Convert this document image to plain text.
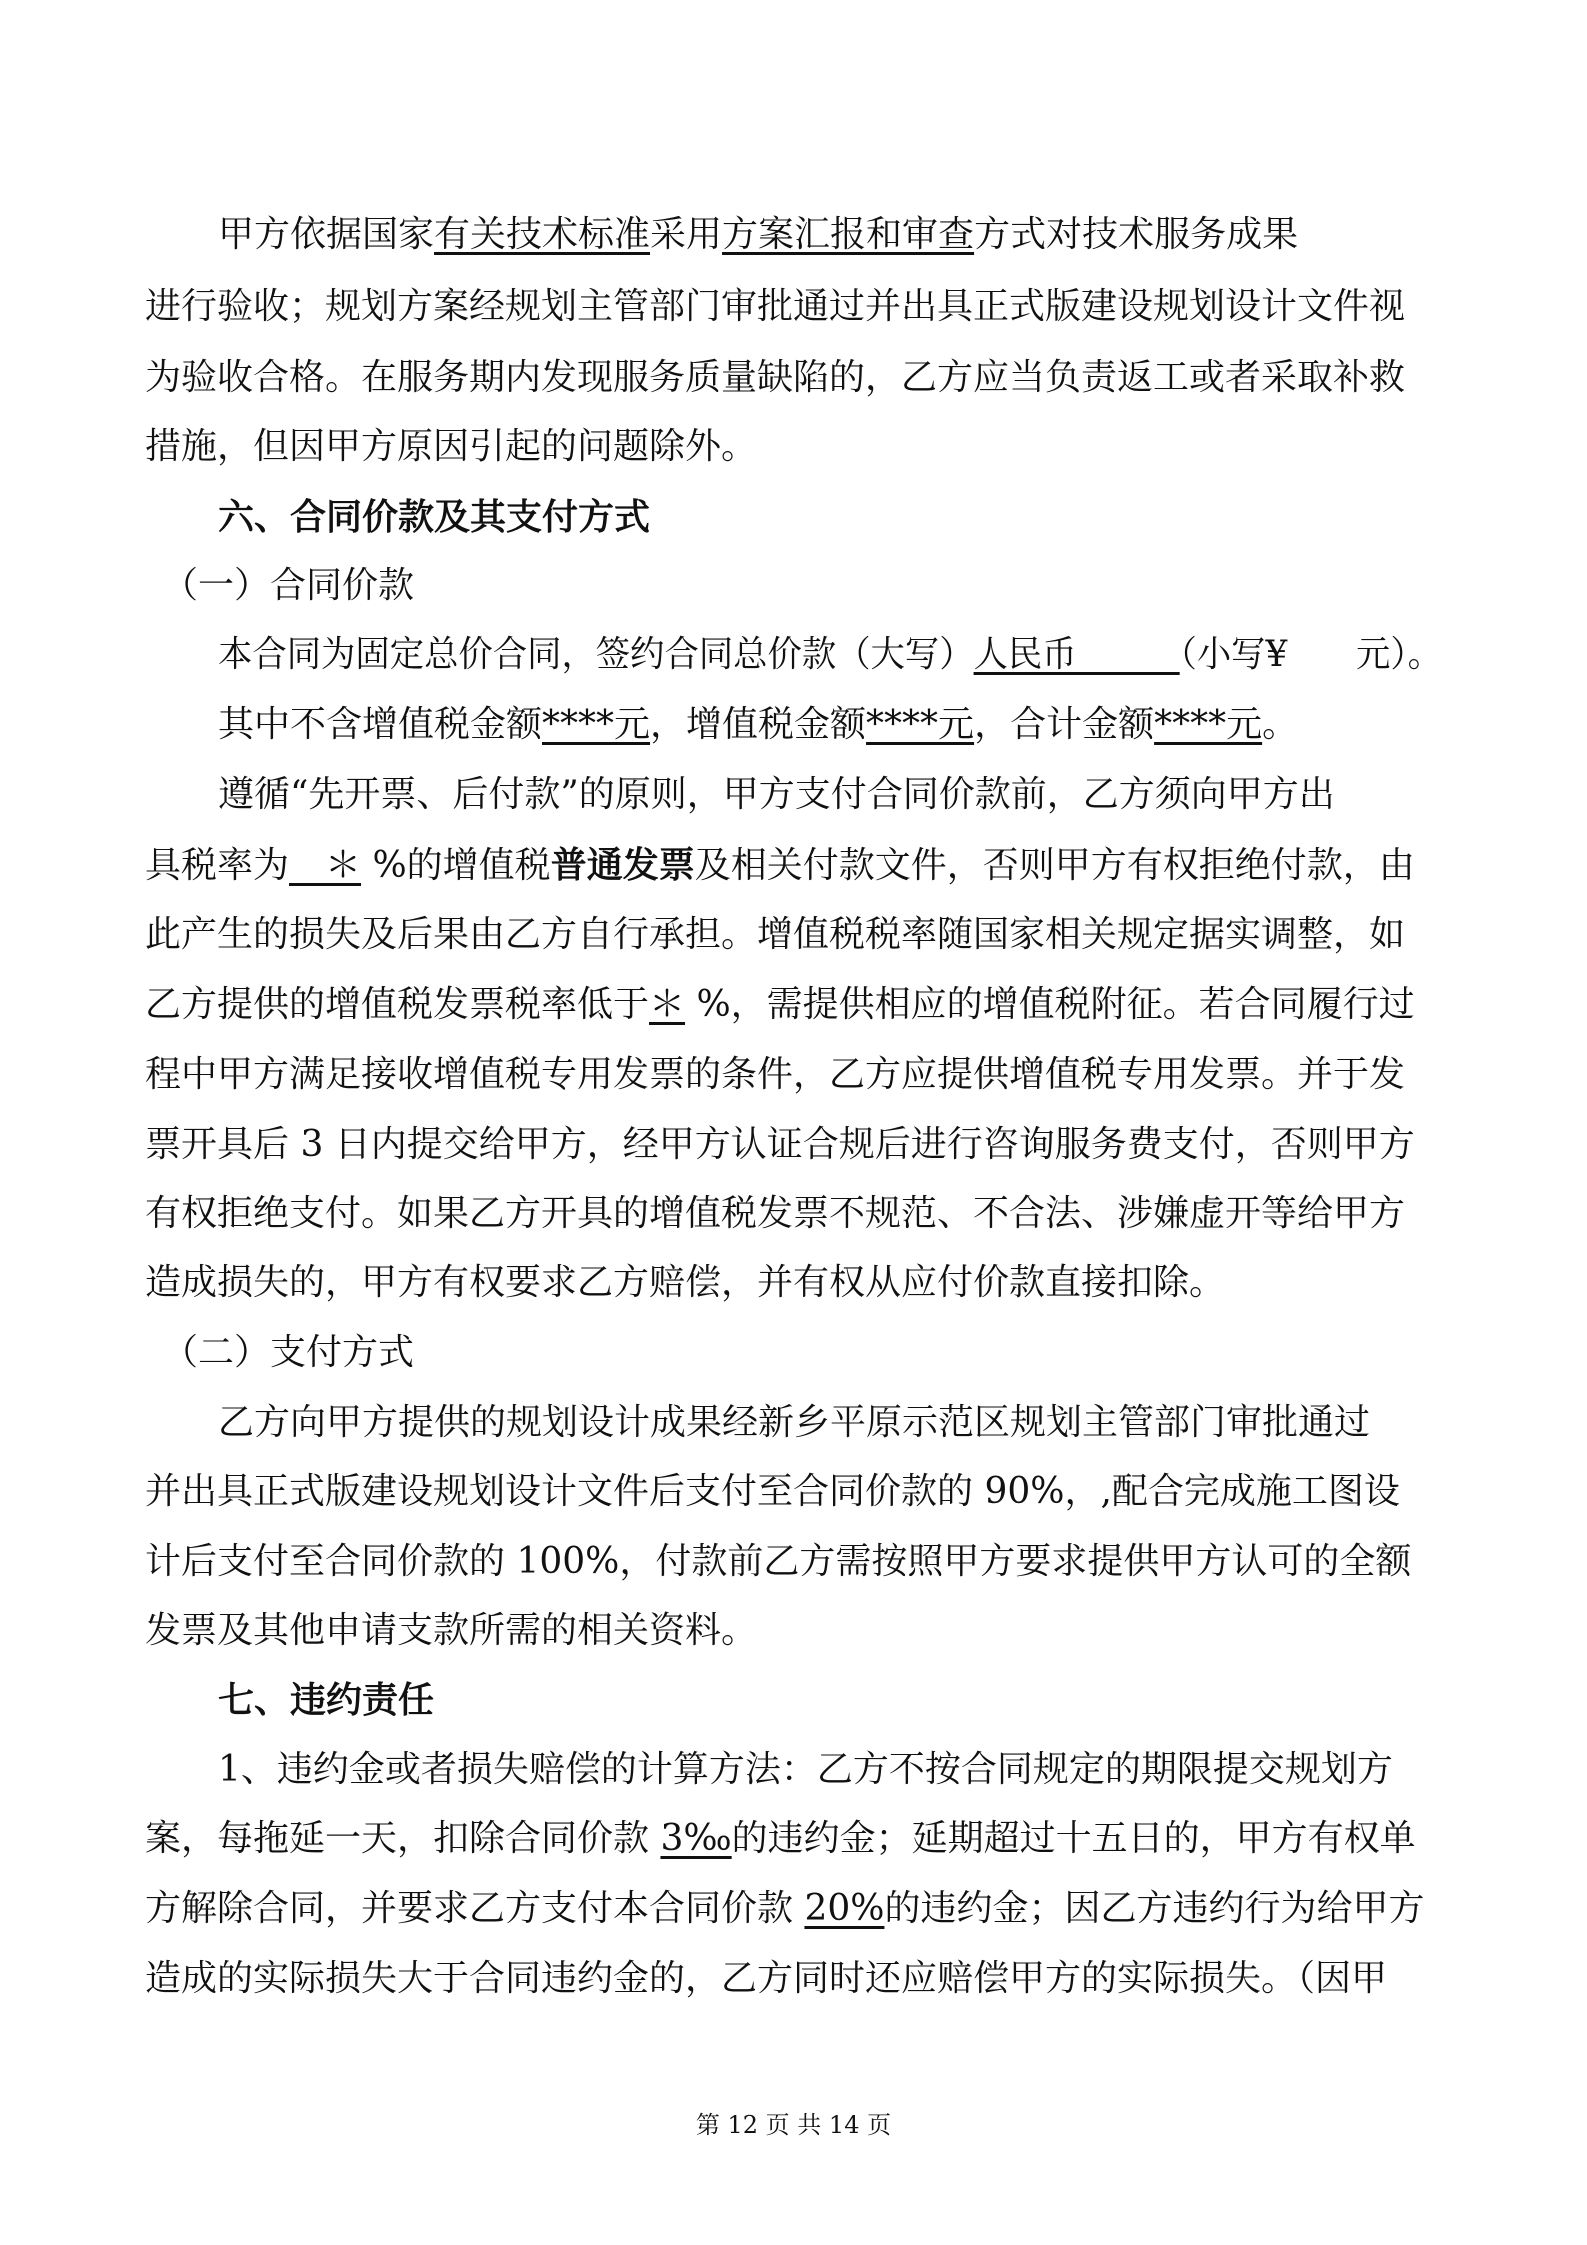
甲方依据国家有关技术标准采用方案汇报和审查方式对技术服务成果
进行验收；规划方案经规划主管部门审批通过并出具正式版建设规划设计文件视
为验收合格。在服务期内发现服务质量缺陷的，乙方应当负责返工或者采取补救
措施，但因甲方原因引起的问题除外。
六、合同价款及其支付方式
（一）合同价款
本合同为固定总价合同，签约合同总价款（大写）人民币　　　（小写¥　　元）。
其中不含增值税金额****元，增值税金额****元，合计金额****元。
遵循“先开票、后付款”的原则，甲方支付合同价款前，乙方须向甲方出
具税率为　＊ %的增值税普通发票及相关付款文件，否则甲方有权拒绝付款，由
此产生的损失及后果由乙方自行承担。增值税税率随国家相关规定据实调整，如
乙方提供的增值税发票税率低于＊ %，需提供相应的增值税附征。若合同履行过
程中甲方满足接收增值税专用发票的条件，乙方应提供增值税专用发票。并于发
票开具后 3 日内提交给甲方，经甲方认证合规后进行咨询服务费支付，否则甲方
有权拒绝支付。如果乙方开具的增值税发票不规范、不合法、涉嫌虚开等给甲方
造成损失的，甲方有权要求乙方赔偿，并有权从应付价款直接扣除。
（二）支付方式
乙方向甲方提供的规划设计成果经新乡平原示范区规划主管部门审批通过
并出具正式版建设规划设计文件后支付至合同价款的 90%，,配合完成施工图设
计后支付至合同价款的 100%，付款前乙方需按照甲方要求提供甲方认可的全额
发票及其他申请支款所需的相关资料。
七、违约责任
1、违约金或者损失赔偿的计算方法：乙方不按合同规定的期限提交规划方
案，每拖延一天，扣除合同价款 3‰的违约金；延期超过十五日的，甲方有权单
方解除合同，并要求乙方支付本合同价款 20%的违约金；因乙方违约行为给甲方
造成的实际损失大于合同违约金的，乙方同时还应赔偿甲方的实际损失。（因甲
第 12 页 共 14 页
